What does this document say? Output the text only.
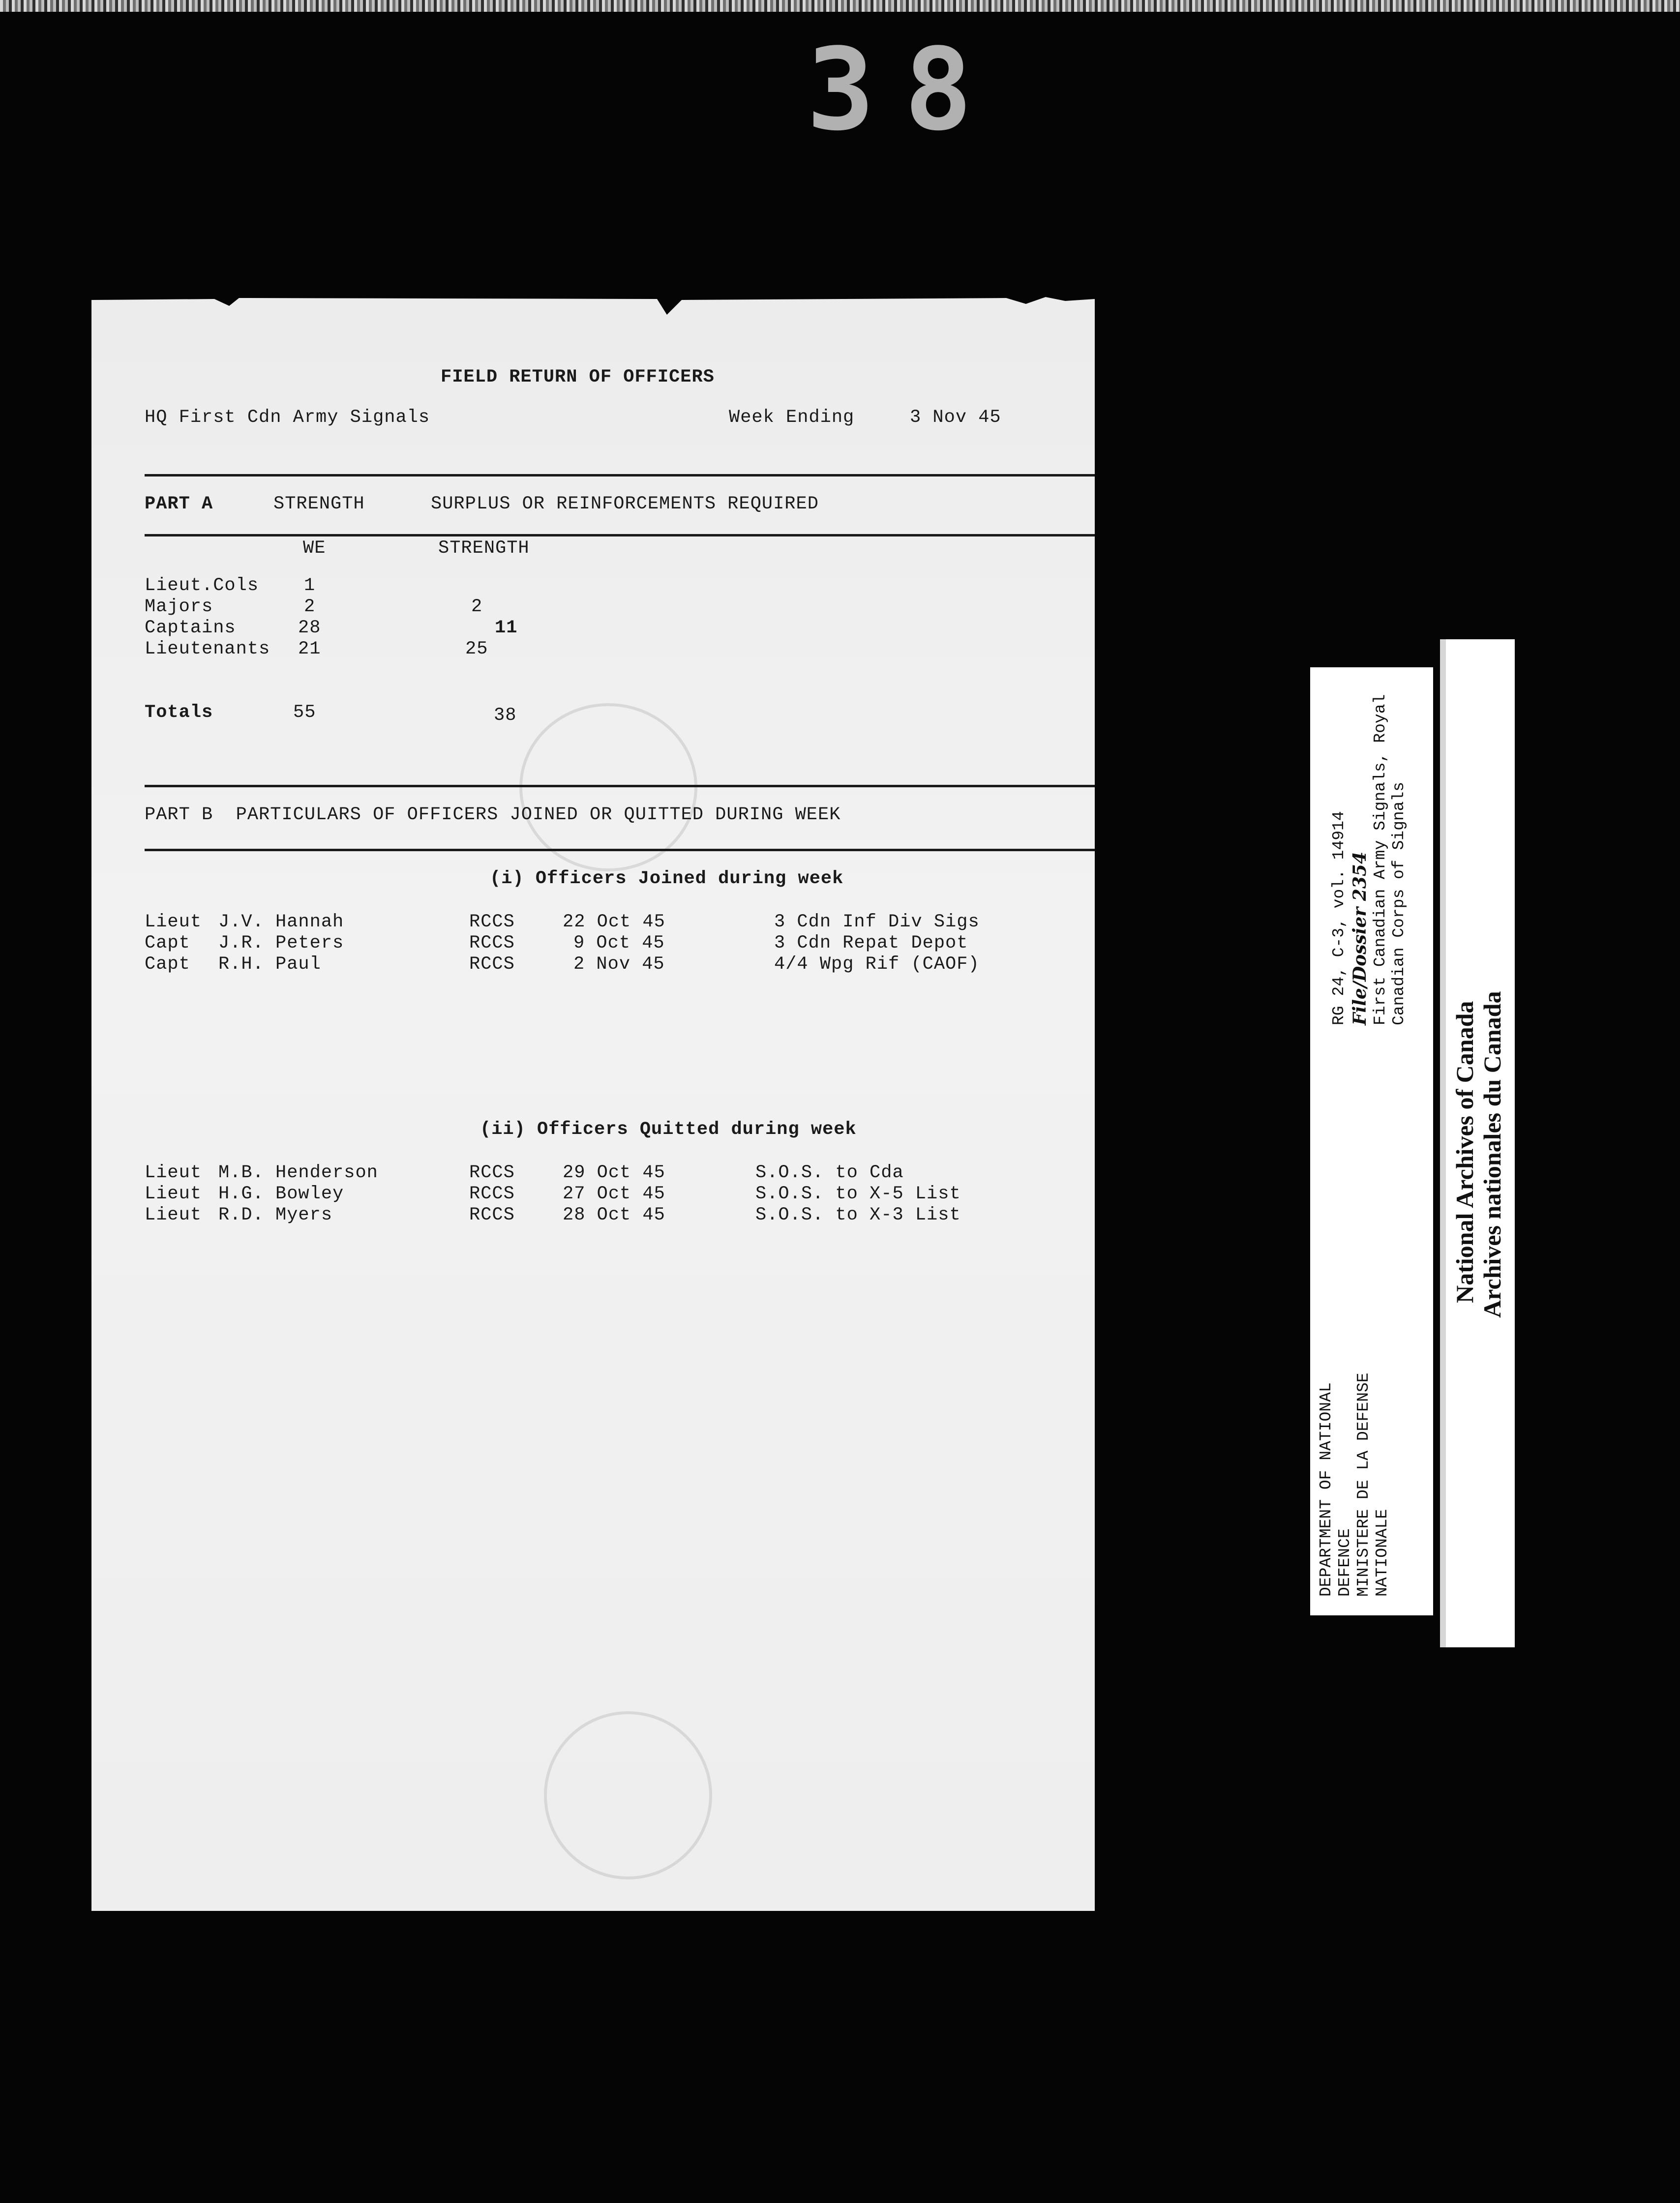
38
FIELD RETURN OF OFFICERS
HQ First Cdn Army Signals	Week Ending	3 Nov 45
PART A	STRENGTH	SURPLUS OR REINFORCEMENTS REQUIRED
WE	STRENGTH
Lieut.Cols 1
Majors	2	2
Captains	28	11
Lieutenants 21	25
Totals	55	38
PART B  PARTICULARS OF OFFICERS JOINED OR QUITTED DURING WEEK
(i) Officers Joined during week
Lieut J.V. Hannah	RCCS	22 Oct 45	3 Cdn Inf Div Sigs
Capt J.R. Peters	RCCS	9 Oct 45	3 Cdn Repat Depot
Capt R.H. Paul	RCCS	2 Nov 45	4/4 Wpg Rif (CAOF)
(ii) Officers Quitted during week
Lieut M.B. Henderson	RCCS	29 Oct 45	S.O.S. to Cda
Lieut H.G. Bowley	RCCS	27 Oct 45	S.O.S. to X-5 List
Lieut R.D. Myers	RCCS	28 Oct 45	S.O.S. to X-3 List
DEPARTMENT OF NATIONAL
DEFENCE
MINISTERE DE LA DEFENSE
NATIONALE
RG 24, C-3, vol. 14914 File/Dossier 2354 First Canadian Army Signals, Royal Canadian Corps of Signals
National Archives of Canada Archives nationales du Canada
